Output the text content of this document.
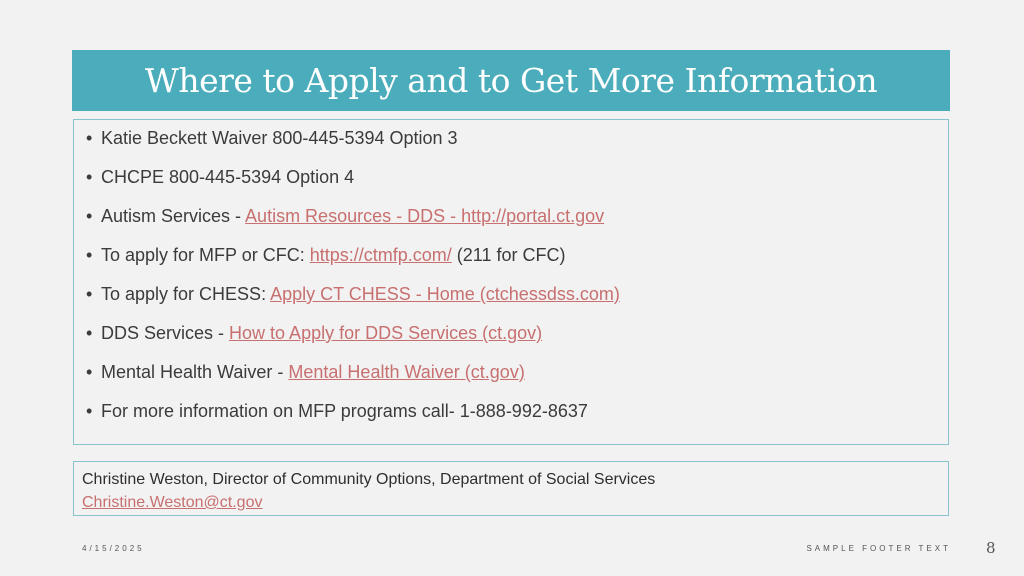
Where to Apply and to Get More Information
• Katie Beckett Waiver 800-445-5394 Option 3
• CHCPE 800-445-5394 Option 4
• Autism Services - Autism Resources - DDS - http://portal.ct.gov
• To apply for MFP or CFC: https://ctmfp.com/ (211 for CFC)
• To apply for CHESS: Apply CT CHESS - Home (ctchessdss.com)
• DDS Services - How to Apply for DDS Services (ct.gov)
• Mental Health Waiver - Mental Health Waiver (ct.gov)
• For more information on MFP programs call- 1-888-992-8637
Christine Weston, Director of Community Options, Department of Social Services
Christine.Weston@ct.gov
4/15/2025	SAMPLE FOOTER TEXT 8
